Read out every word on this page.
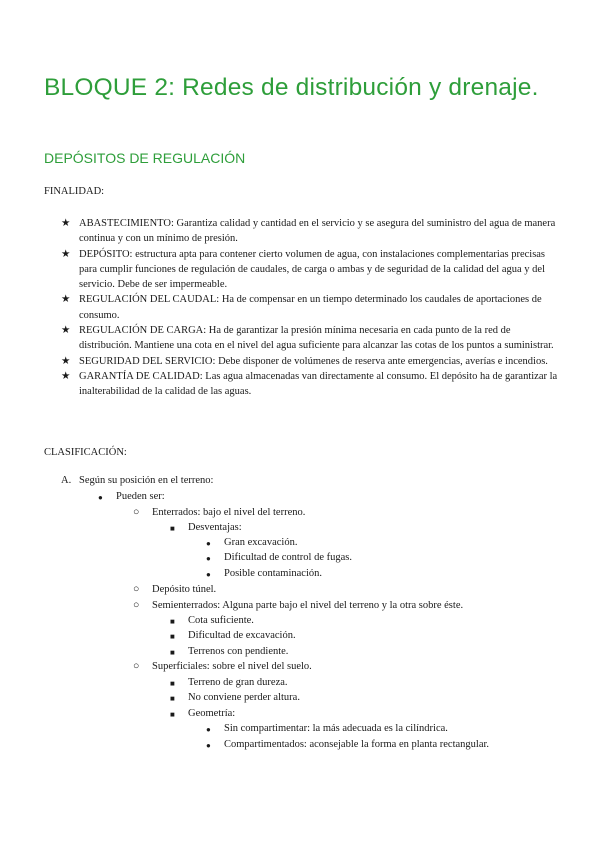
BLOQUE 2: Redes de distribución y drenaje.
DEPÓSITOS DE REGULACIÓN
FINALIDAD:
★ ABASTECIMIENTO: Garantiza calidad y cantidad en el servicio y se asegura del suministro del agua de manera continua y con un mínimo de presión.
★ DEPÓSITO: estructura apta para contener cierto volumen de agua, con instalaciones complementarias precisas para cumplir funciones de regulación de caudales, de carga o ambas y de seguridad de la calidad del agua y del servicio. Debe de ser impermeable.
★ REGULACIÓN DEL CAUDAL: Ha de compensar en un tiempo determinado los caudales de aportaciones de consumo.
★ REGULACIÓN DE CARGA: Ha de garantizar la presión mínima necesaria en cada punto de la red de distribución. Mantiene una cota en el nivel del agua suficiente para alcanzar las cotas de los puntos a suministrar.
★ SEGURIDAD DEL SERVICIO: Debe disponer de volúmenes de reserva ante emergencias, averías e incendios.
★ GARANTÍA DE CALIDAD: Las agua almacenadas van directamente al consumo. El depósito ha de garantizar la inalterabilidad de la calidad de las aguas.
CLASIFICACIÓN:
A. Según su posición en el terreno:
● Pueden ser:
○ Enterrados: bajo el nivel del terreno.
■ Desventajas:
● Gran excavación.
● Dificultad de control de fugas.
● Posible contaminación.
○ Depósito túnel.
○ Semienterrados: Alguna parte bajo el nivel del terreno y la otra sobre éste.
■ Cota suficiente.
■ Dificultad de excavación.
■ Terrenos con pendiente.
○ Superficiales: sobre el nivel del suelo.
■ Terreno de gran dureza.
■ No conviene perder altura.
■ Geometría:
● Sin compartimentar: la más adecuada es la cilíndrica.
● Compartimentados: aconsejable la forma en planta rectangular.
